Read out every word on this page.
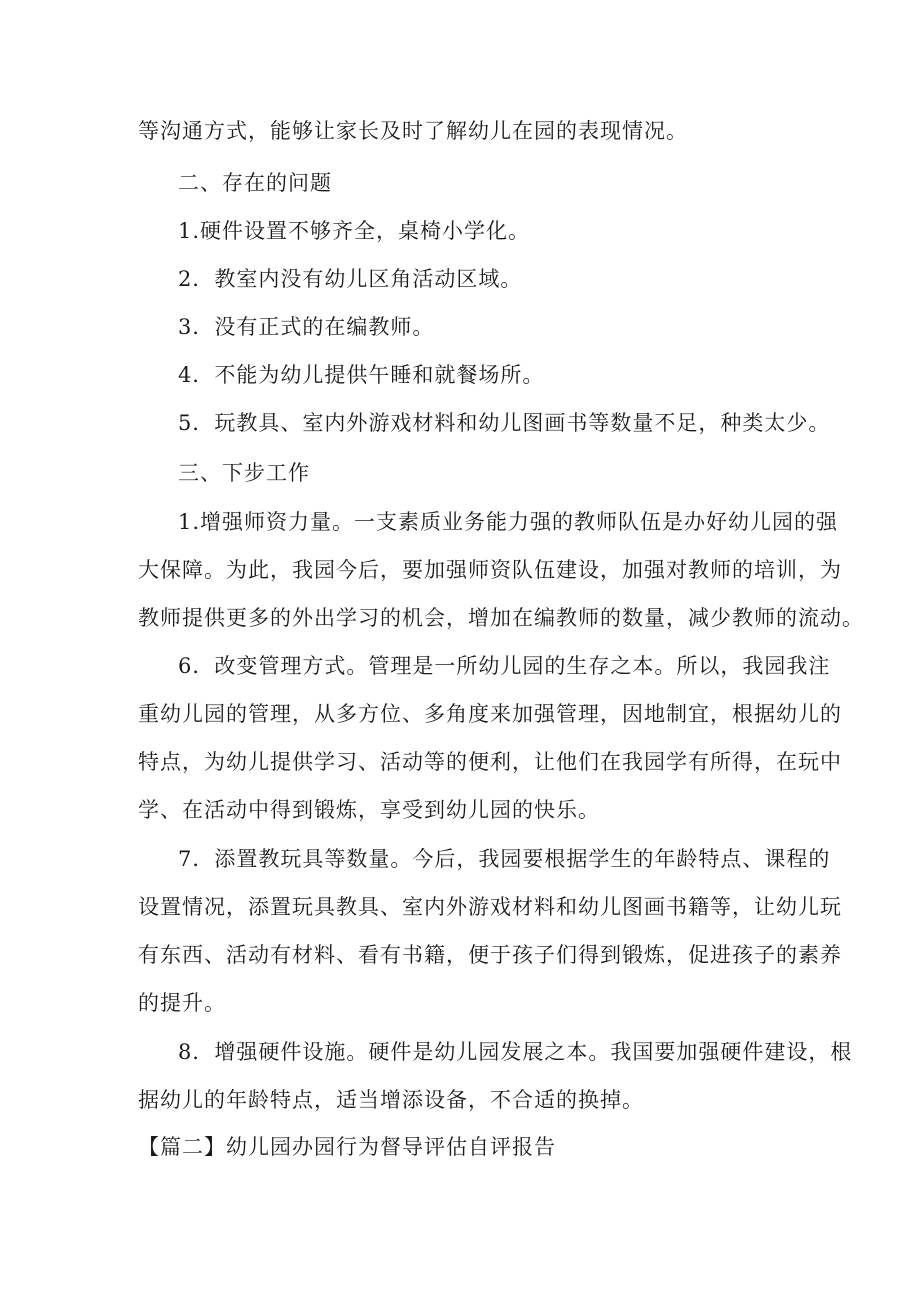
等沟通方式，能够让家长及时了解幼儿在园的表现情况。
二、存在的问题
1.硬件设置不够齐全，桌椅小学化。
2．教室内没有幼儿区角活动区域。
3．没有正式的在编教师。
4．不能为幼儿提供午睡和就餐场所。
5．玩教具、室内外游戏材料和幼儿图画书等数量不足，种类太少。
三、下步工作
1.增强师资力量。一支素质业务能力强的教师队伍是办好幼儿园的强
大保障。为此，我园今后，要加强师资队伍建设，加强对教师的培训，为
教师提供更多的外出学习的机会，增加在编教师的数量，减少教师的流动。
6．改变管理方式。管理是一所幼儿园的生存之本。所以，我园我注
重幼儿园的管理，从多方位、多角度来加强管理，因地制宜，根据幼儿的
特点，为幼儿提供学习、活动等的便利，让他们在我园学有所得，在玩中
学、在活动中得到锻炼，享受到幼儿园的快乐。
7．添置教玩具等数量。今后，我园要根据学生的年龄特点、课程的
设置情况，添置玩具教具、室内外游戏材料和幼儿图画书籍等，让幼儿玩
有东西、活动有材料、看有书籍，便于孩子们得到锻炼，促进孩子的素养
的提升。
8．增强硬件设施。硬件是幼儿园发展之本。我国要加强硬件建设，根
据幼儿的年龄特点，适当增添设备，不合适的换掉。
【篇二】幼儿园办园行为督导评估自评报告
